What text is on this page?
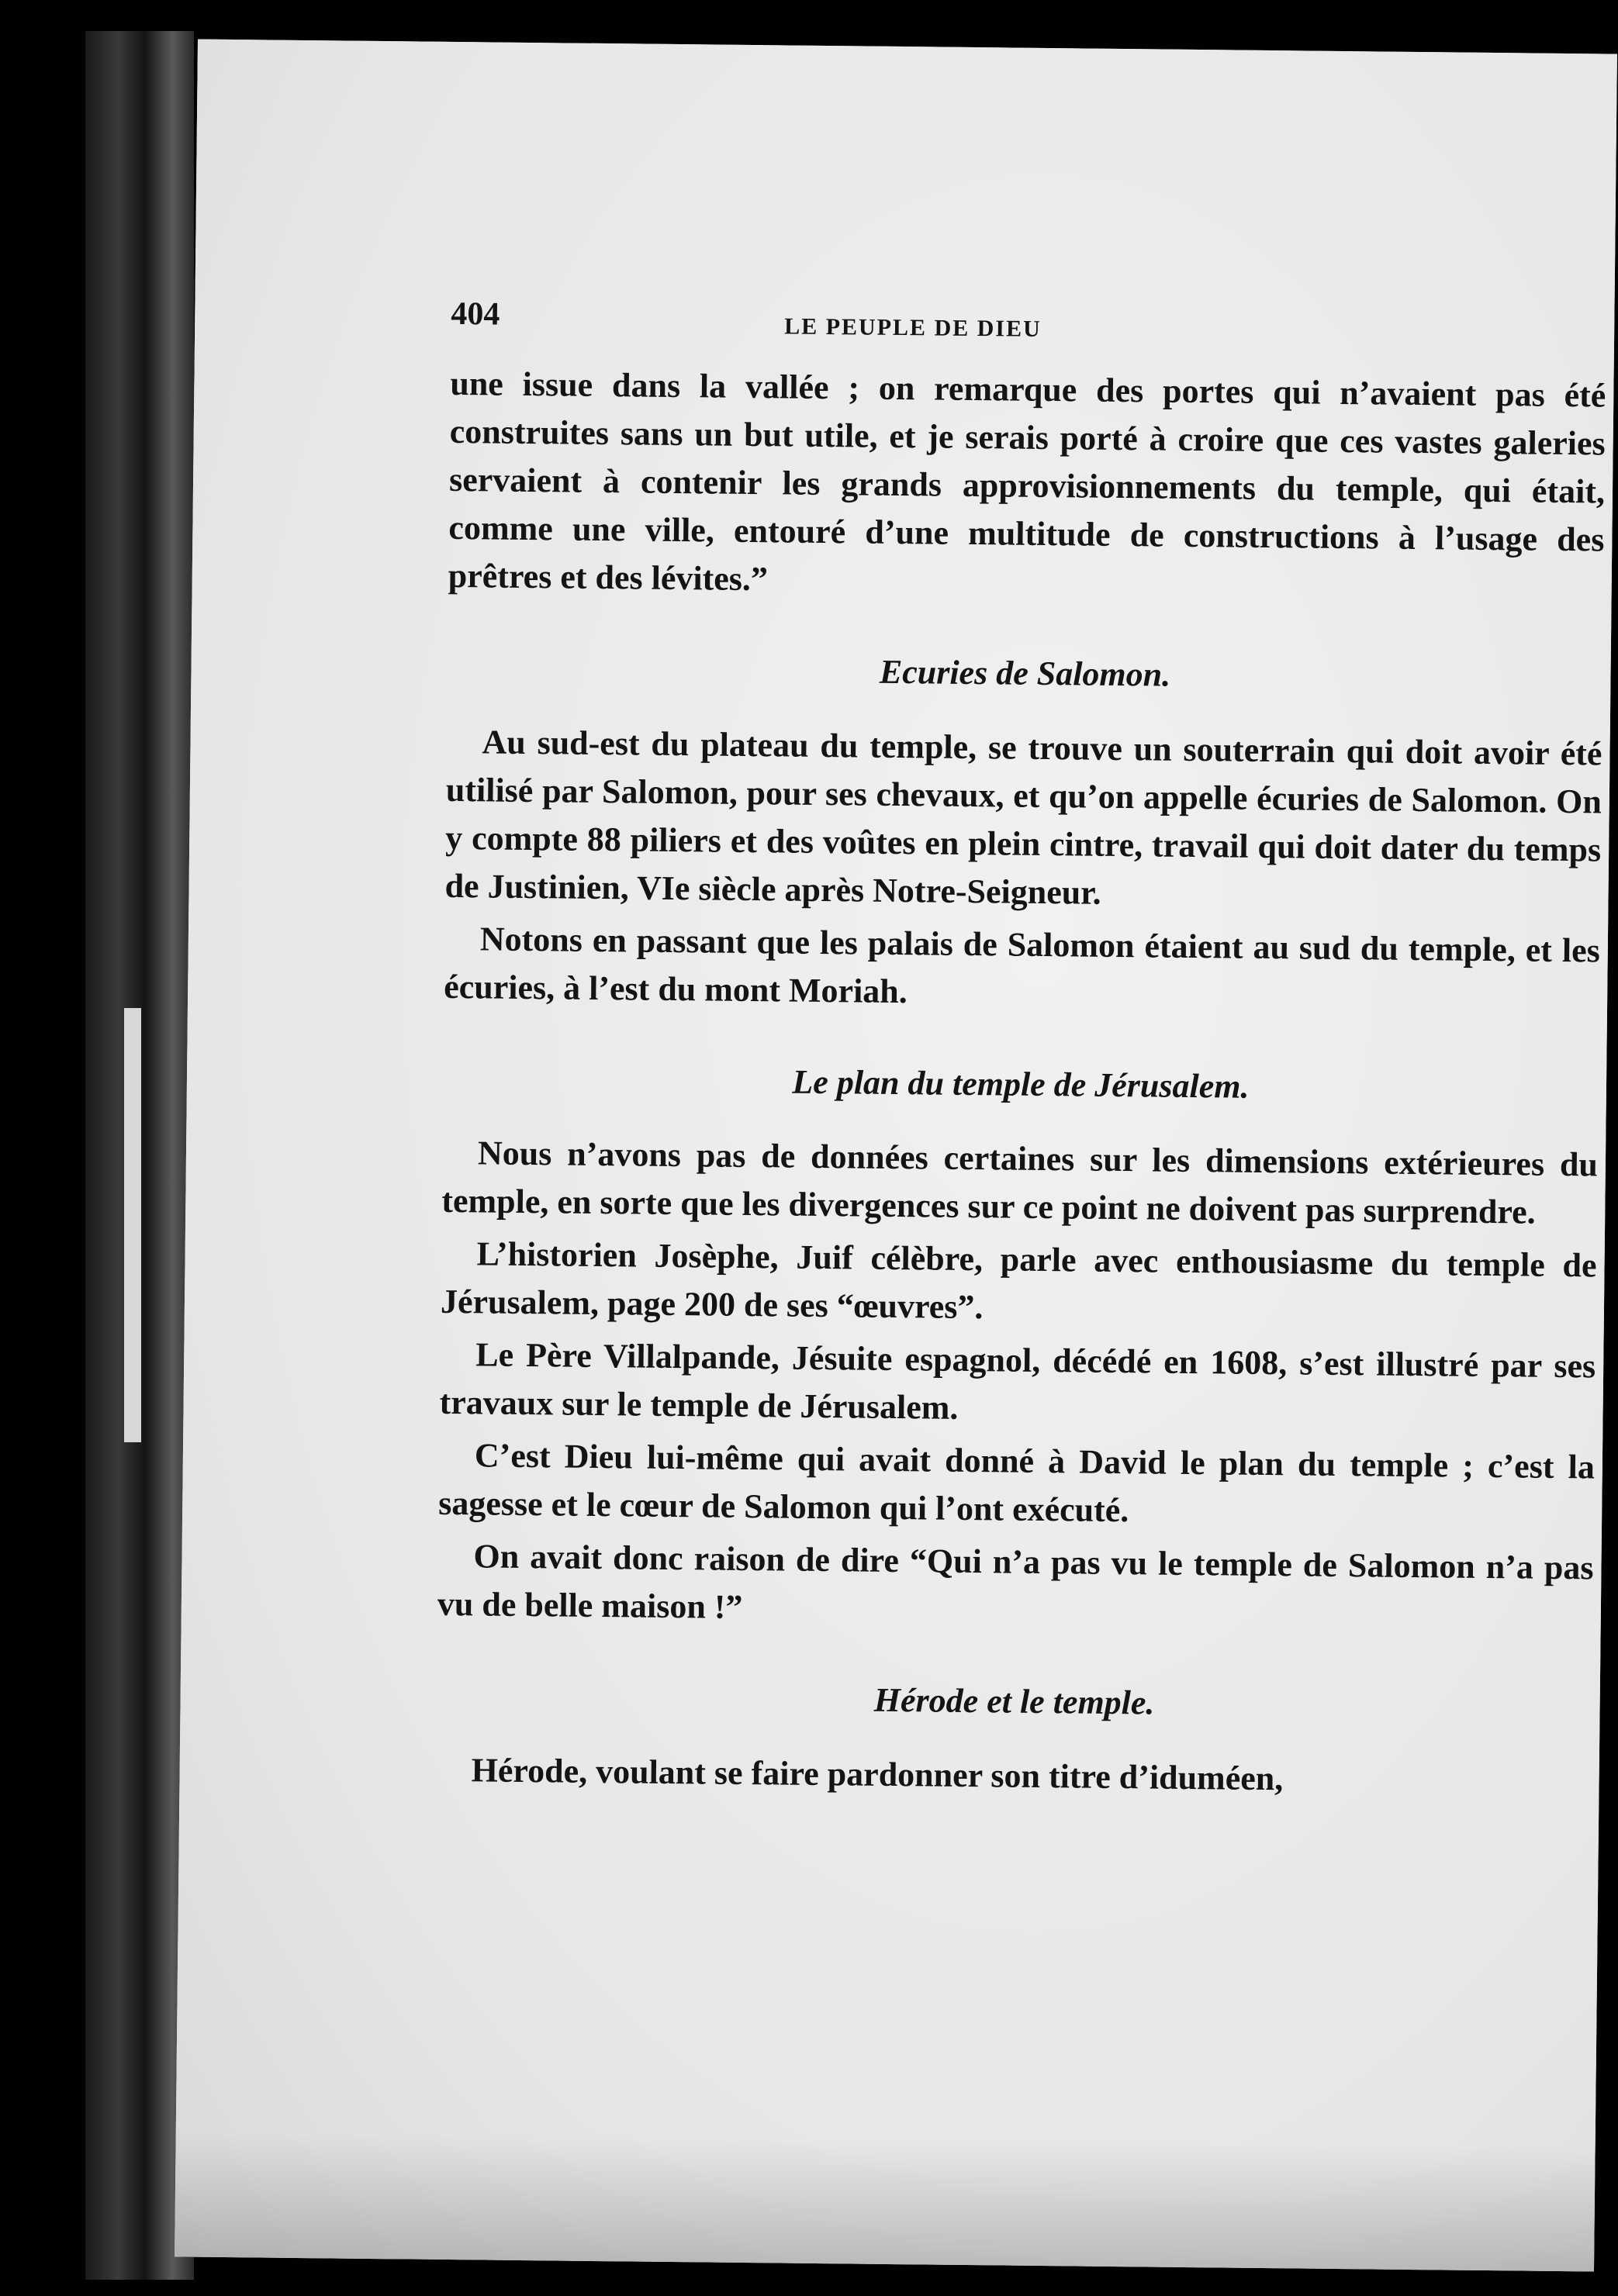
404	LE PEUPLE DE DIEU

une issue dans la vallée ; on remarque des portes qui n’avaient pas été construites sans un but utile, et je serais porté à croire que ces vastes galeries servaient à contenir les grands approvisionnements du temple, qui était, comme une ville, entouré d’une multitude de constructions à l’usage des prêtres et des lévites.”

Ecuries de Salomon.

Au sud-est du plateau du temple, se trouve un souterrain qui doit avoir été utilisé par Salomon, pour ses chevaux, et qu’on appelle écuries de Salomon. On y compte 88 piliers et des voûtes en plein cintre, travail qui doit dater du temps de Justinien, VIe siècle après Notre-Seigneur.

Notons en passant que les palais de Salomon étaient au sud du temple, et les écuries, à l’est du mont Moriah.

Le plan du temple de Jérusalem.

Nous n’avons pas de données certaines sur les dimensions extérieures du temple, en sorte que les divergences sur ce point ne doivent pas surprendre.

L’historien Josèphe, Juif célèbre, parle avec enthousiasme du temple de Jérusalem, page 200 de ses “œuvres”.

Le Père Villalpande, Jésuite espagnol, décédé en 1608, s’est illustré par ses travaux sur le temple de Jérusalem.

C’est Dieu lui-même qui avait donné à David le plan du temple ; c’est la sagesse et le cœur de Salomon qui l’ont exécuté.

On avait donc raison de dire “Qui n’a pas vu le temple de Salomon n’a pas vu de belle maison !”

Hérode et le temple.

Hérode, voulant se faire pardonner son titre d’iduméen,
